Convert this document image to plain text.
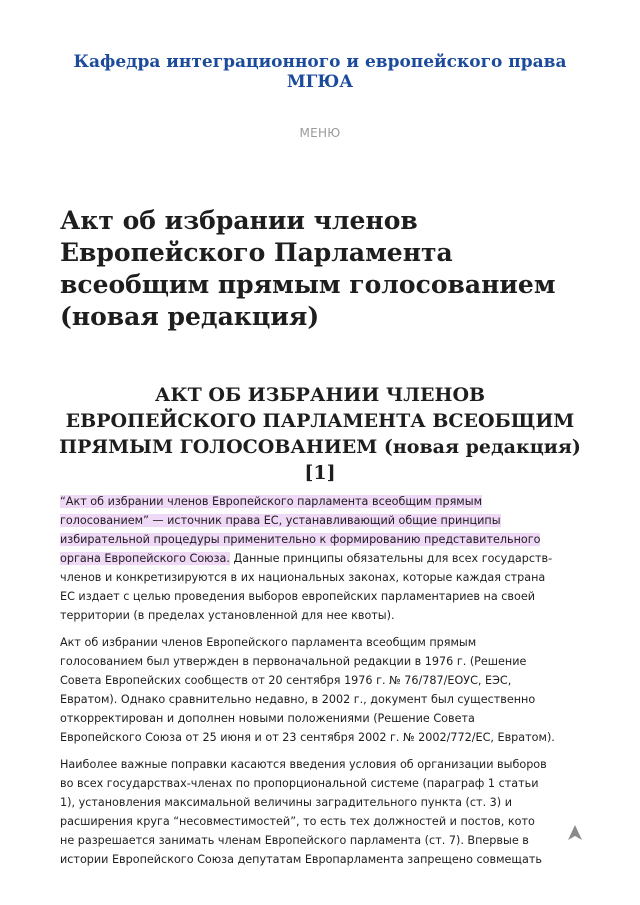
Кафедра интеграционного и европейского права МГЮА
МЕНЮ
Акт об избрании членов Европейского Парламента всеобщим прямым голосованием (новая редакция)
АКТ ОБ ИЗБРАНИИ ЧЛЕНОВ ЕВРОПЕЙСКОГО ПАРЛАМЕНТА ВСЕОБЩИМ ПРЯМЫМ ГОЛОСОВАНИЕМ (новая редакция)[1]
“Акт об избрании членов Европейского парламента всеобщим прямым
голосованием” — источник права ЕС, устанавливающий общие принципы
избирательной процедуры применительно к формированию представительного
органа Европейского Союза. Данные принципы обязательны для всех государств-
членов и конкретизируются в их национальных законах, которые каждая страна
ЕС издает с целью проведения выборов европейских парламентариев на своей
территории (в пределах установленной для нее квоты).
Акт об избрании членов Европейского парламента всеобщим прямым
голосованием был утвержден в первоначальной редакции в 1976 г. (Решение
Совета Европейских сообществ от 20 сентября 1976 г. № 76/787/ЕОУС, ЕЭС,
Евратом). Однако сравнительно недавно, в 2002 г., документ был существенно
откорректирован и дополнен новыми положениями (Решение Совета
Европейского Союза от 25 июня и от 23 сентября 2002 г. № 2002/772/ЕС, Евратом).
Наиболее важные поправки касаются введения условия об организации выборов
во всех государствах-членах по пропорциональной системе (параграф 1 статьи
1), установления максимальной величины заградительного пункта (ст. 3) и
расширения круга “несовместимостей”, то есть тех должностей и постов, кото
не разрешается занимать членам Европейского парламента (ст. 7). Впервые в
истории Европейского Союза депутатам Европарламента запрещено совмещать
